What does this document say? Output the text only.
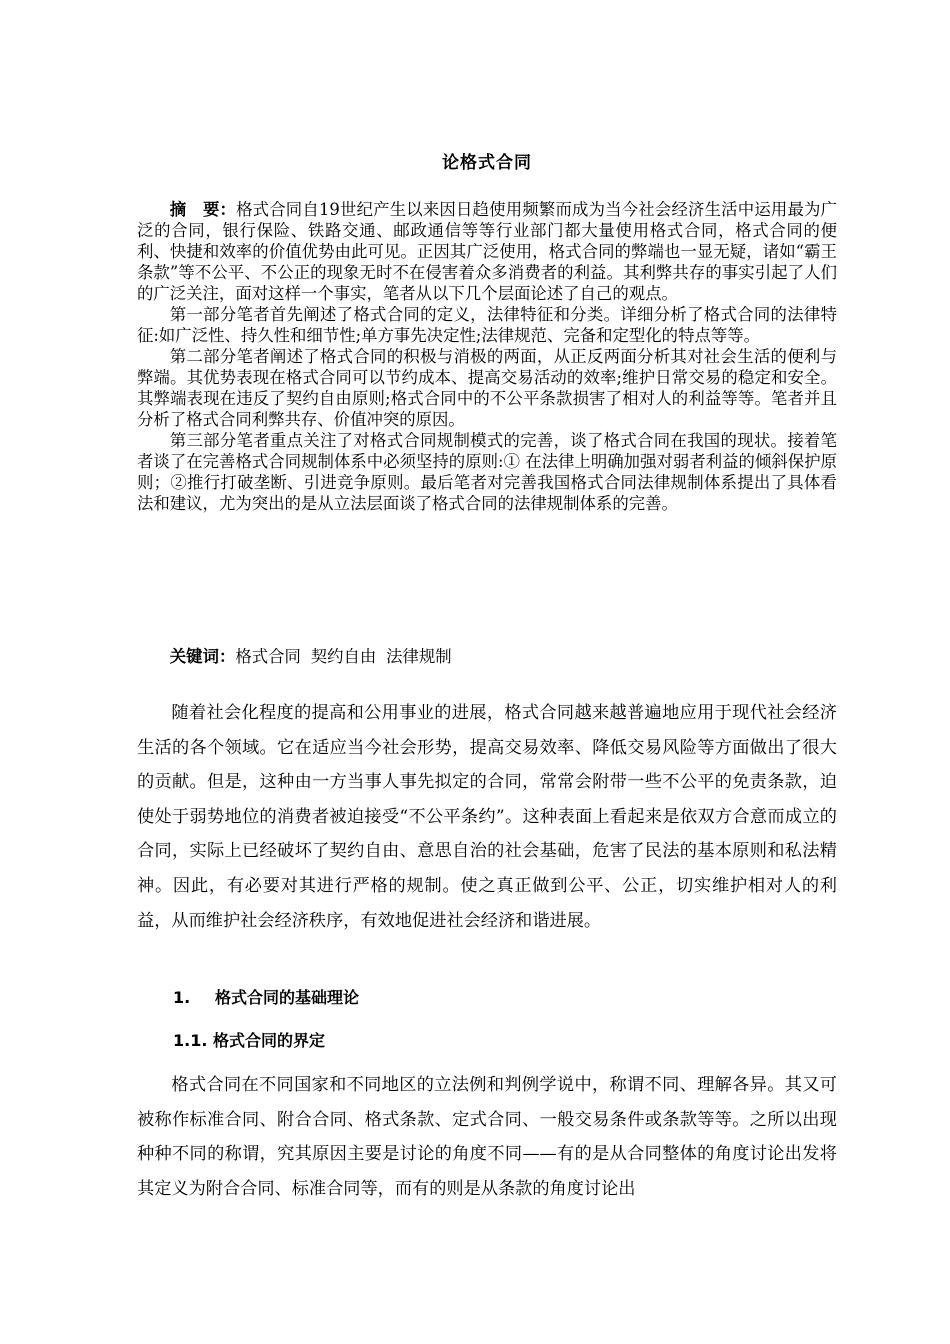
论格式合同

摘　要：格式合同自19世纪产生以来因日趋使用频繁而成为当今社会经济生活中运用最为广泛的合同，银行保险、铁路交通、邮政通信等等行业部门都大量使用格式合同，格式合同的便利、快捷和效率的价值优势由此可见。正因其广泛使用，格式合同的弊端也一显无疑，诸如“霸王条款”等不公平、不公正的现象无时不在侵害着众多消费者的利益。其利弊共存的事实引起了人们的广泛关注，面对这样一个事实，笔者从以下几个层面论述了自己的观点。

第一部分笔者首先阐述了格式合同的定义，法律特征和分类。详细分析了格式合同的法律特征:如广泛性、持久性和细节性;单方事先决定性;法律规范、完备和定型化的特点等等。

第二部分笔者阐述了格式合同的积极与消极的两面，从正反两面分析其对社会生活的便利与弊端。其优势表现在格式合同可以节约成本、提高交易活动的效率;维护日常交易的稳定和安全。其弊端表现在违反了契约自由原则;格式合同中的不公平条款损害了相对人的利益等等。笔者并且分析了格式合同利弊共存、价值冲突的原因。

第三部分笔者重点关注了对格式合同规制模式的完善，谈了格式合同在我国的现状。接着笔者谈了在完善格式合同规制体系中必须坚持的原则:① 在法律上明确加强对弱者利益的倾斜保护原则；②推行打破垄断、引进竞争原则。最后笔者对完善我国格式合同法律规制体系提出了具体看法和建议，尤为突出的是从立法层面谈了格式合同的法律规制体系的完善。

关键词：格式合同 契约自由 法律规制

随着社会化程度的提高和公用事业的进展，格式合同越来越普遍地应用于现代社会经济生活的各个领域。它在适应当今社会形势，提高交易效率、降低交易风险等方面做出了很大的贡献。但是，这种由一方当事人事先拟定的合同，常常会附带一些不公平的免责条款，迫使处于弱势地位的消费者被迫接受“不公平条约”。这种表面上看起来是依双方合意而成立的合同，实际上已经破坏了契约自由、意思自治的社会基础，危害了民法的基本原则和私法精神。因此，有必要对其进行严格的规制。使之真正做到公平、公正，切实维护相对人的利益，从而维护社会经济秩序，有效地促进社会经济和谐进展。

1. 格式合同的基础理论
1.1. 格式合同的界定

格式合同在不同国家和不同地区的立法例和判例学说中，称谓不同、理解各异。其又可被称作标准合同、附合合同、格式条款、定式合同、一般交易条件或条款等等。之所以出现种种不同的称谓，究其原因主要是讨论的角度不同——有的是从合同整体的角度讨论出发将其定义为附合合同、标准合同等，而有的则是从条款的角度讨论出
